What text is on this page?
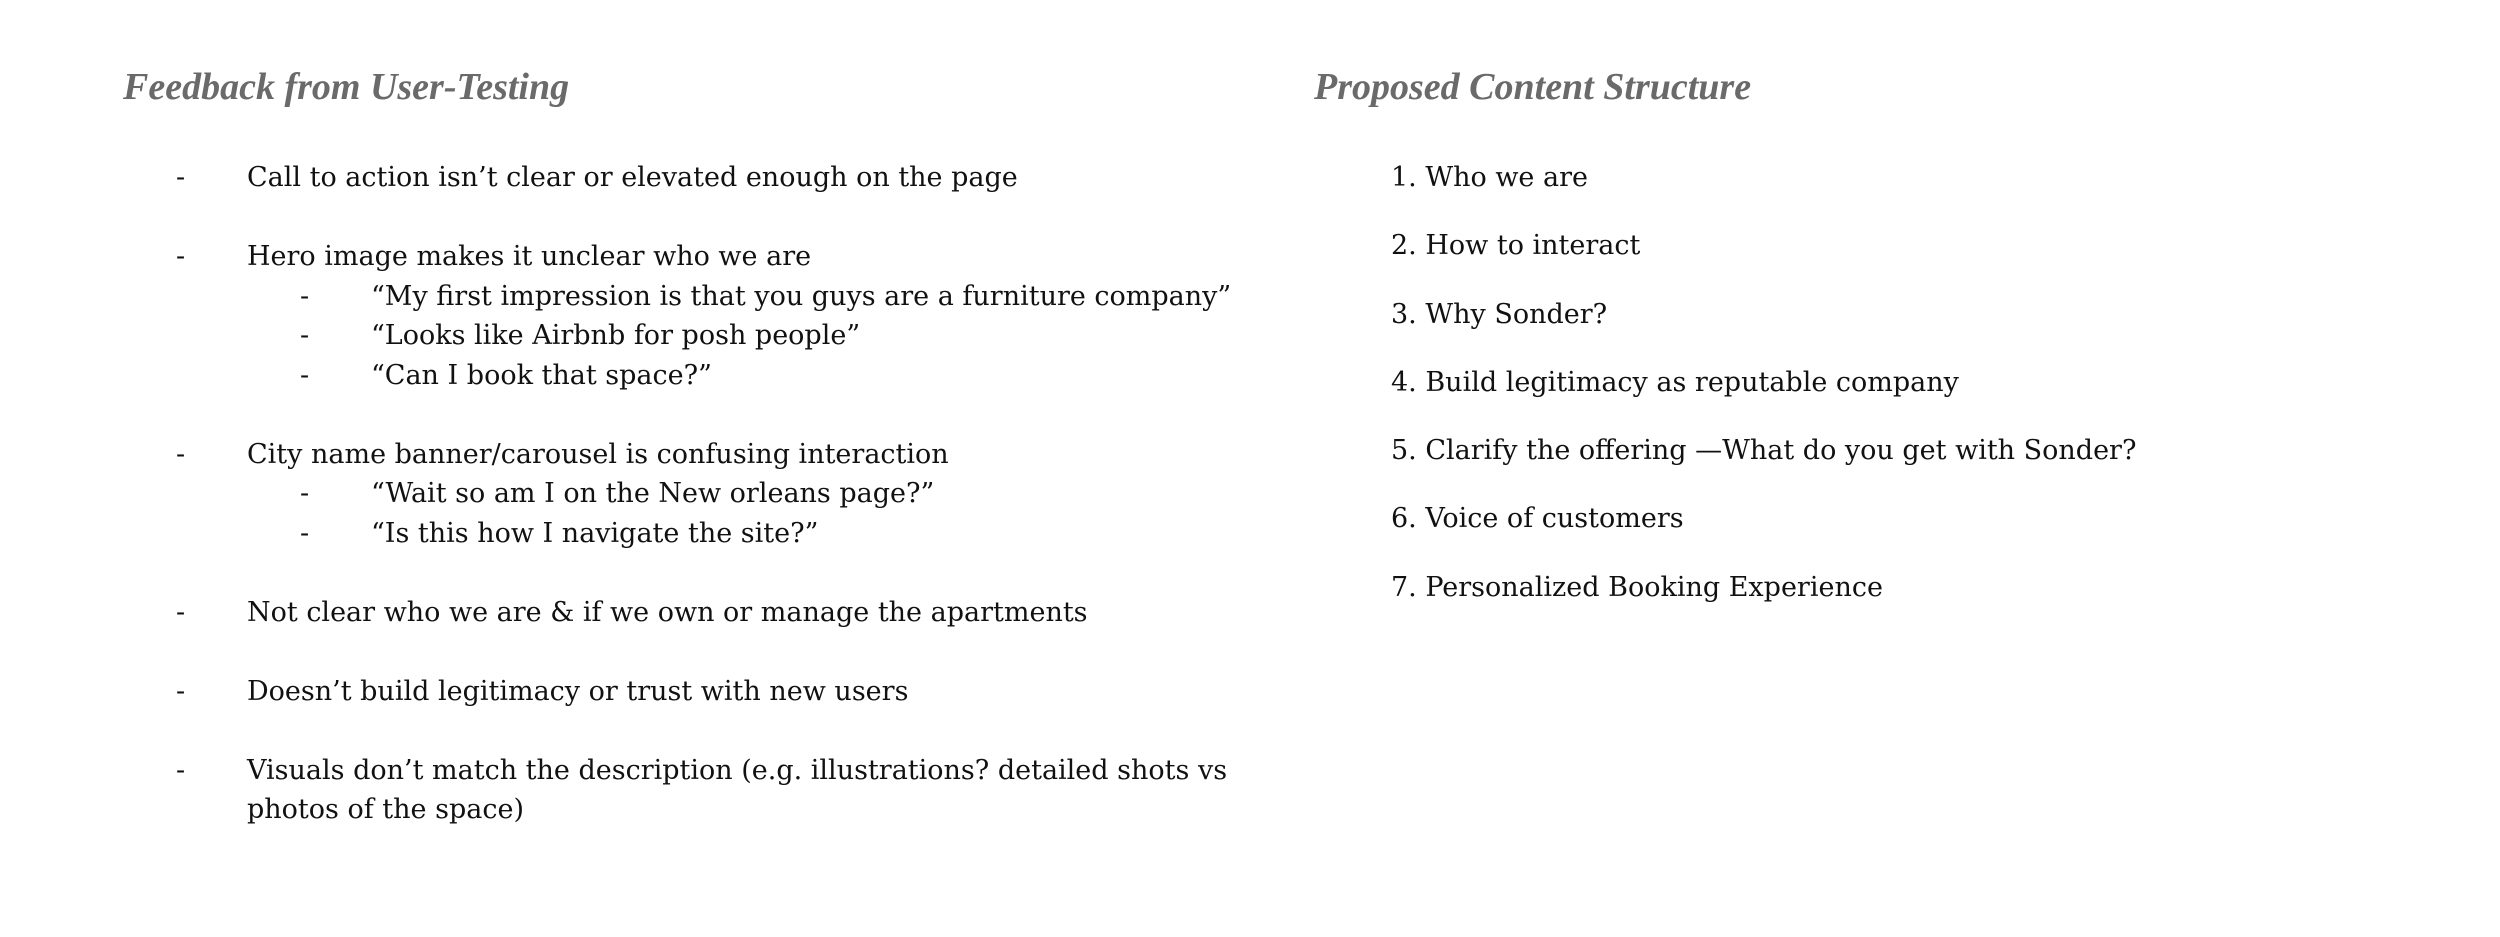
Feedback from User-Testing
-	Call to action isn’t clear or elevated enough on the page
-	Hero image makes it unclear who we are
-	“My first impression is that you guys are a furniture company”
-	“Looks like Airbnb for posh people”
-	“Can I book that space?”
-	City name banner/carousel is confusing interaction
-	“Wait so am I on the New orleans page?”
-	“Is this how I navigate the site?”
-	Not clear who we are & if we own or manage the apartments
-	Doesn’t build legitimacy or trust with new users
-	Visuals don’t match the description (e.g. illustrations? detailed shots vs photos of the space)
Proposed Content Structure
1. Who we are
2. How to interact
3. Why Sonder?
4. Build legitimacy as reputable company
5. Clarify the offering —What do you get with Sonder?
6. Voice of customers
7. Personalized Booking Experience
